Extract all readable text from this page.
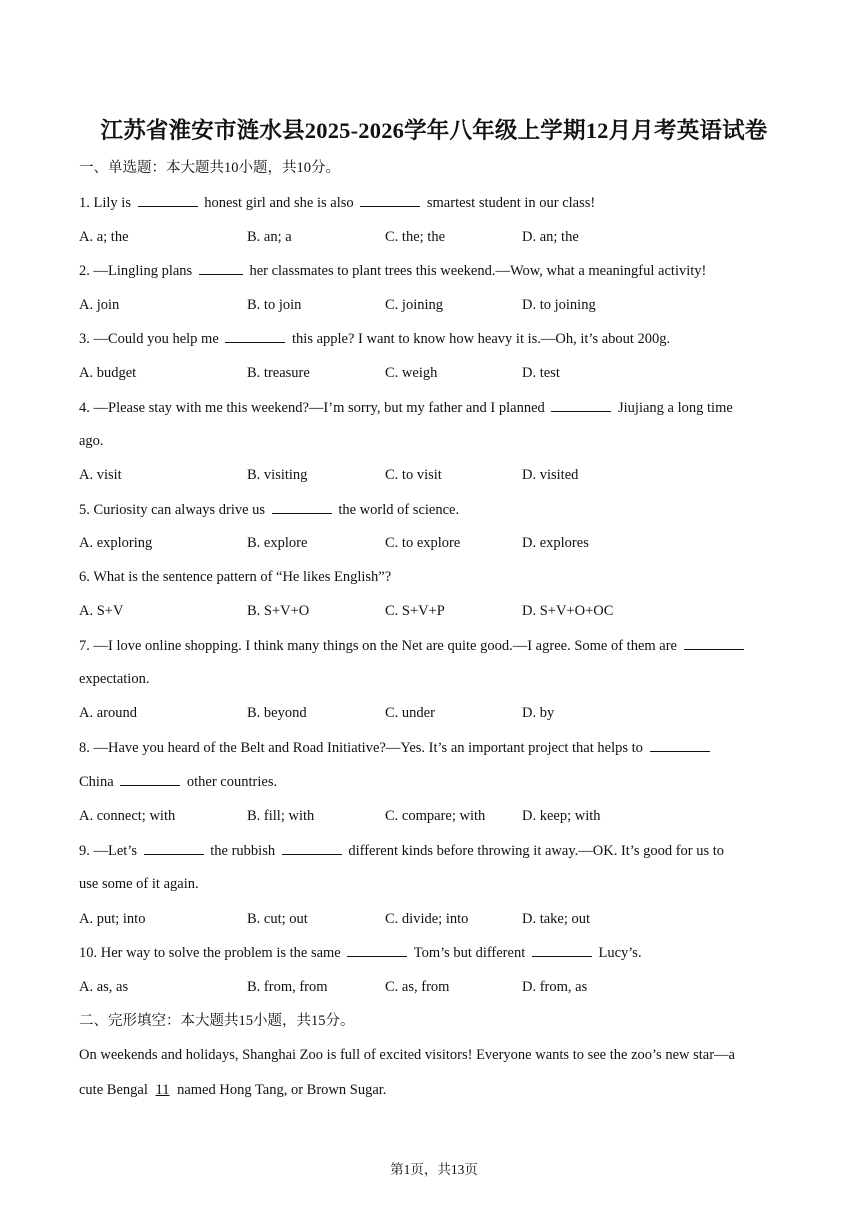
江苏省淮安市涟水县2025-2026学年八年级上学期12月月考英语试卷
一、单选题：本大题共10小题，共10分。
1. Lily is	honest girl and she is also	smartest student in our class!
A. a; the	B. an; a	C. the; the	D. an; the
2. —Lingling plans	her classmates to plant trees this weekend.—Wow, what a meaningful activity!
A. join	B. to join	C. joining	D. to joining
3. —Could you help me	this apple? I want to know how heavy it is.—Oh, it’s about 200g.
A. budget	B. treasure	C. weigh	D. test
4. —Please stay with me this weekend?—I’m sorry, but my father and I planned	Jiujiang a long time
ago.
A. visit	B. visiting	C. to visit	D. visited
5. Curiosity can always drive us	the world of science.
A. exploring	B. explore	C. to explore	D. explores
6. What is the sentence pattern of “He likes English”?
A. S+V	B. S+V+O	C. S+V+P	D. S+V+O+OC
7. —I love online shopping. I think many things on the Net are quite good.—I agree. Some of them are
expectation.
A. around	B. beyond	C. under	D. by
8. —Have you heard of the Belt and Road Initiative?—Yes. It’s an important project that helps to
China	other countries.
A. connect; with	B. fill; with	C. compare; with	D. keep; with
9. —Let’s	the rubbish	different kinds before throwing it away.—OK. It’s good for us to
use some of it again.
A. put; into	B. cut; out	C. divide; into	D. take; out
10. Her way to solve the problem is the same	Tom’s but different	Lucy’s.
A. as, as	B. from, from	C. as, from	D. from, as
二、完形填空：本大题共15小题，共15分。
On weekends and holidays, Shanghai Zoo is full of excited visitors! Everyone wants to see the zoo’s new star—a
cute Bengal 11 named Hong Tang, or Brown Sugar.
第1页，共13页
